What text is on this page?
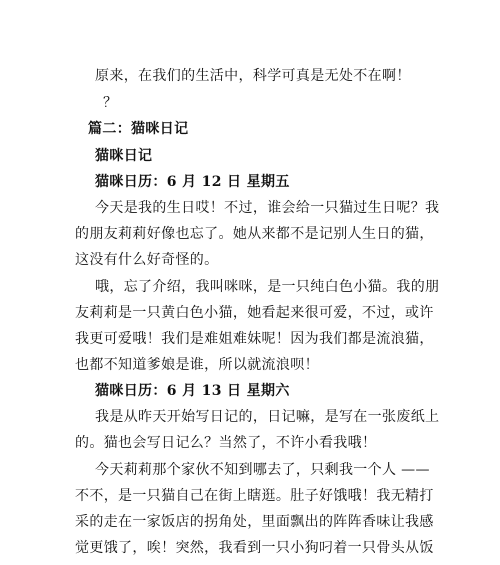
原来，在我们的生活中，科学可真是无处不在啊！
？
篇二：猫咪日记
猫咪日记
猫咪日历：6 月 12 日 星期五
今天是我的生日哎！不过，谁会给一只猫过生日呢？我
的朋友莉莉好像也忘了。她从来都不是记别人生日的猫，
这没有什么好奇怪的。
哦，忘了介绍，我叫咪咪，是一只纯白色小猫。我的朋
友莉莉是一只黄白色小猫，她看起来很可爱，不过，或许
我更可爱哦！我们是难姐难妹呢！因为我们都是流浪猫，
也都不知道爹娘是谁，所以就流浪呗！
猫咪日历：6 月 13 日 星期六
我是从昨天开始写日记的，日记嘛，是写在一张废纸上
的。猫也会写日记么？当然了，不许小看我哦！
今天莉莉那个家伙不知到哪去了，只剩我一个人 ——
不不，是一只猫自己在街上瞎逛。肚子好饿哦！我无精打
采的走在一家饭店的拐角处，里面飘出的阵阵香味让我感
觉更饿了，唉！突然，我看到一只小狗叼着一只骨头从饭
